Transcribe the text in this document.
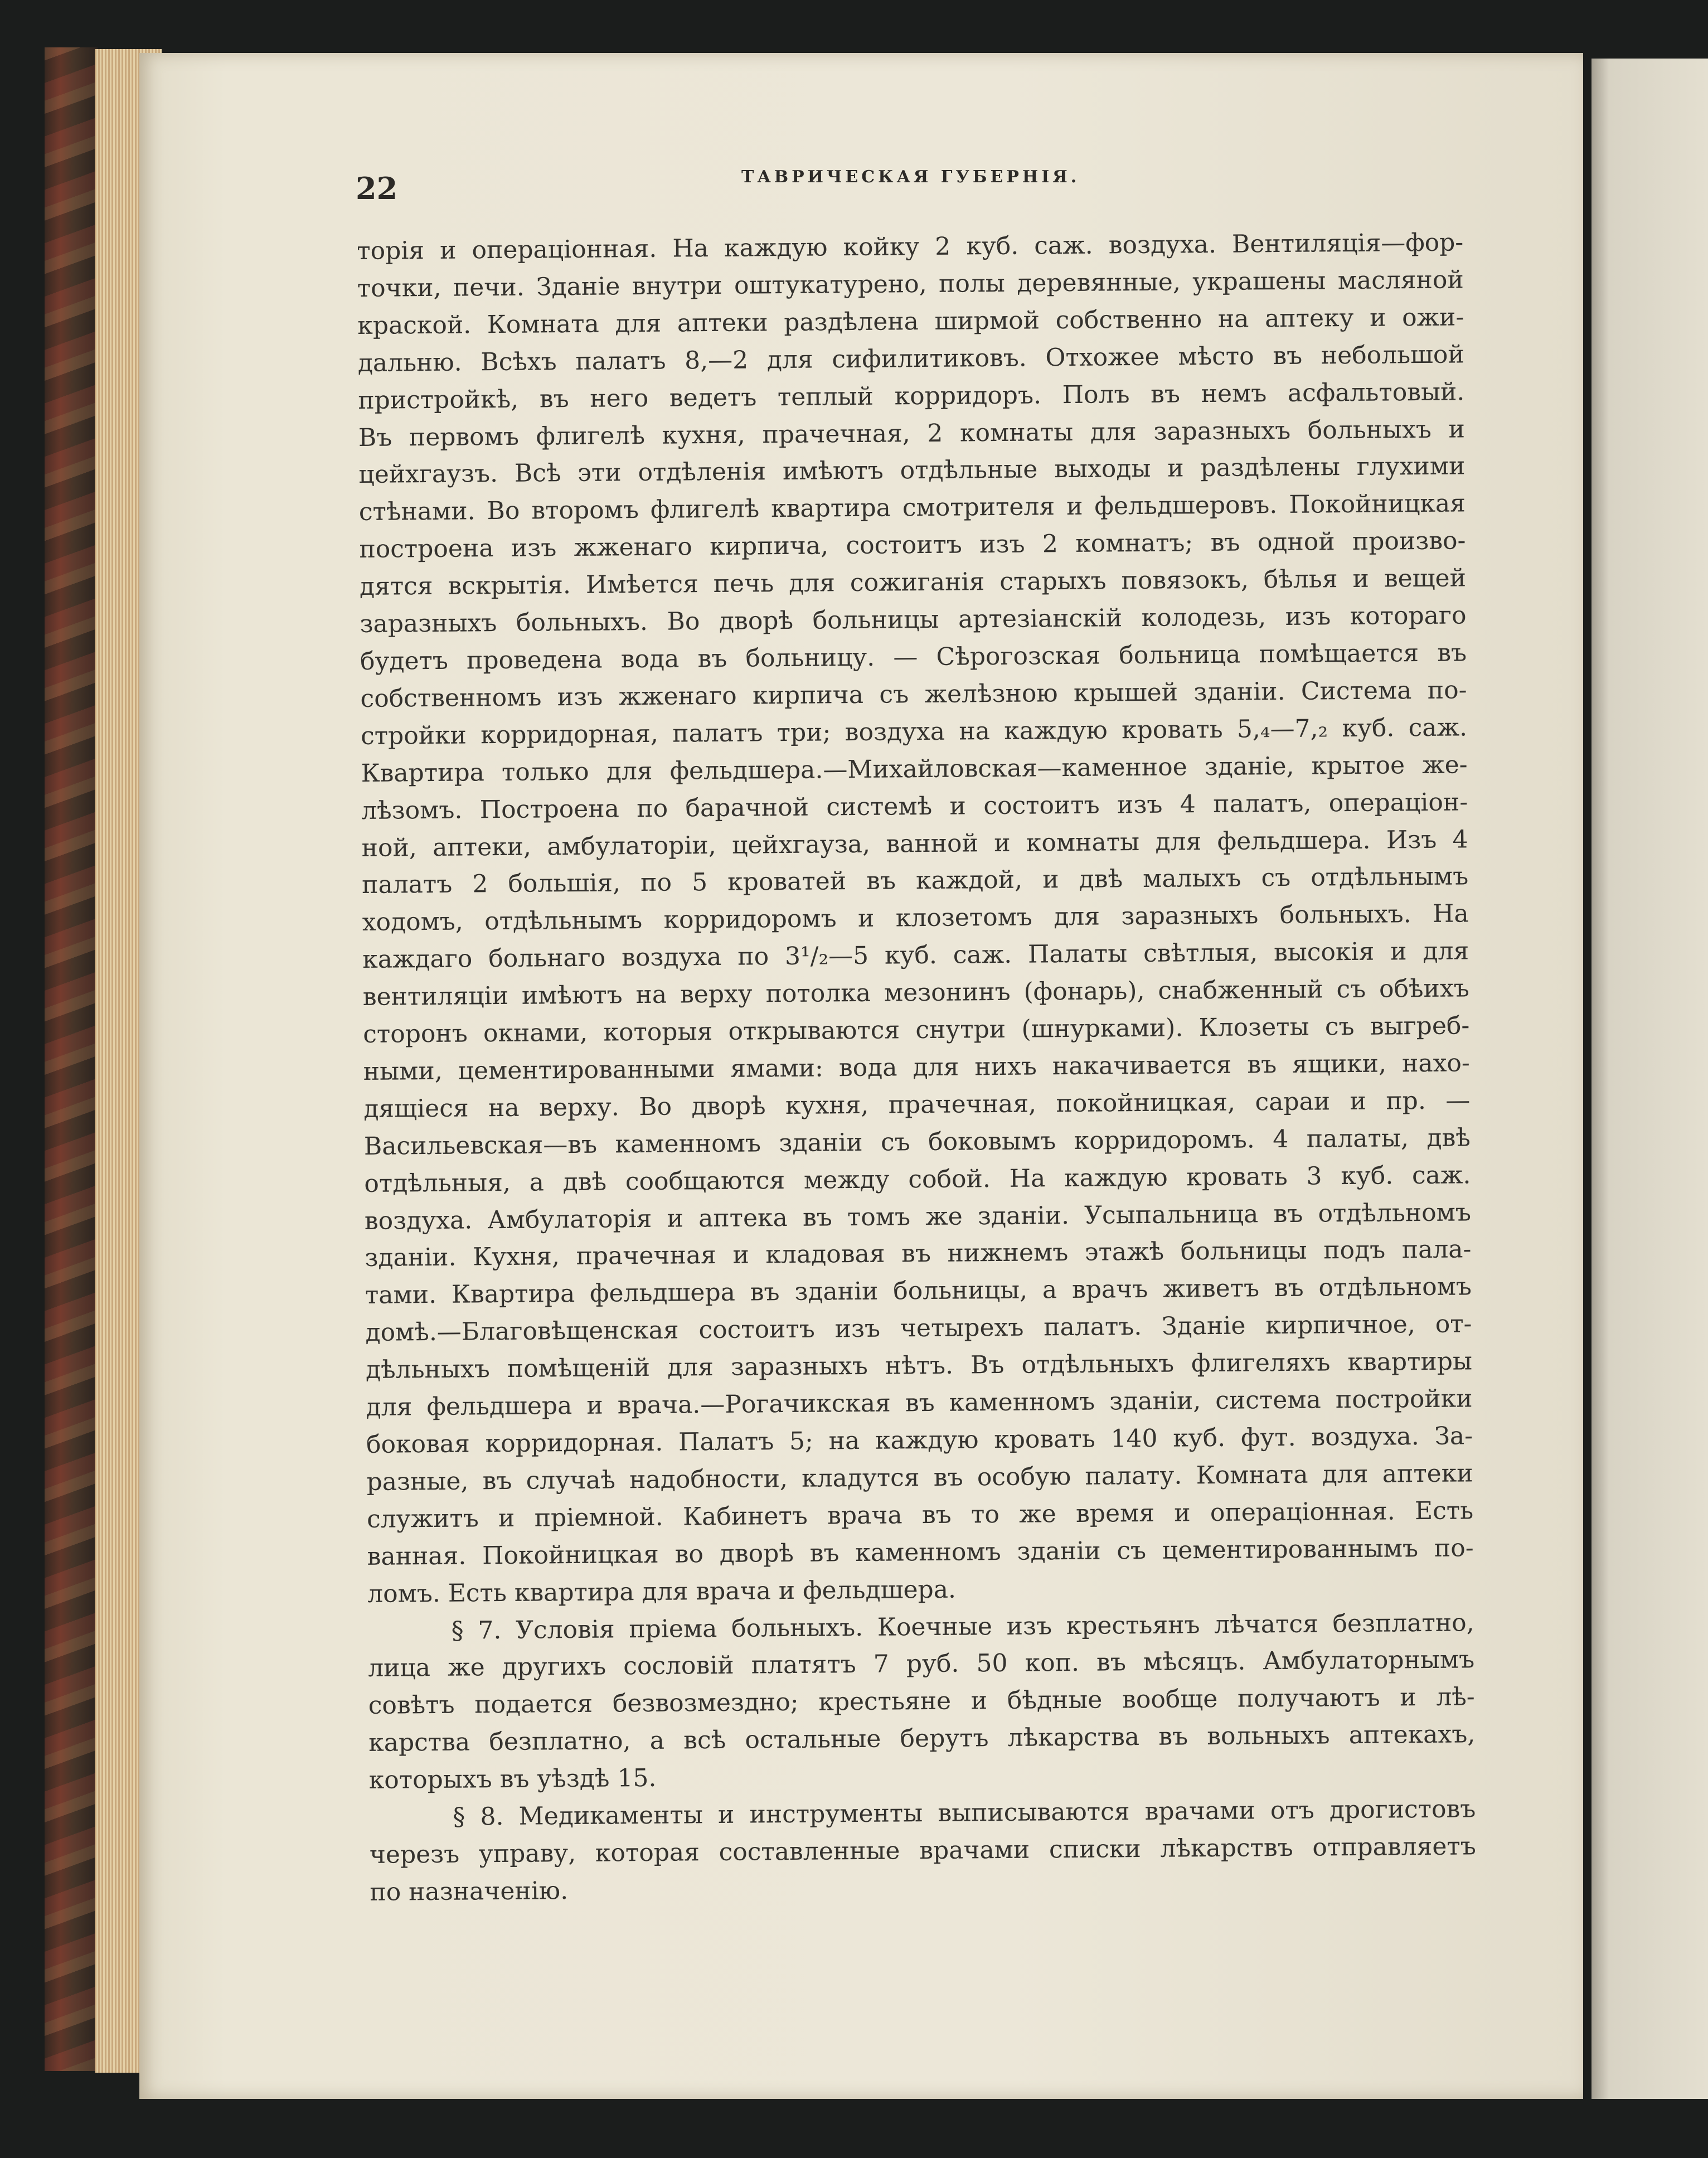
22	ТАВРИЧЕСКАЯ ГУБЕРНІЯ.
торія и операціонная. На каждую койку 2 куб. саж. воздуха. Вентиляція—фор-
точки, печи. Зданіе внутри оштукатурено, полы деревянные, украшены масляной
краской. Комната для аптеки раздѣлена ширмой собственно на аптеку и ожи-
дальню. Всѣхъ палатъ 8,—2 для сифилитиковъ. Отхожее мѣсто въ небольшой
пристройкѣ, въ него ведетъ теплый корридоръ. Полъ въ немъ асфальтовый.
Въ первомъ флигелѣ кухня, прачечная, 2 комнаты для заразныхъ больныхъ и
цейхгаузъ. Всѣ эти отдѣленія имѣютъ отдѣльные выходы и раздѣлены глухими
стѣнами. Во второмъ флигелѣ квартира смотрителя и фельдшеровъ. Покойницкая
построена изъ жженаго кирпича, состоитъ изъ 2 комнатъ; въ одной произво-
дятся вскрытія. Имѣется печь для сожиганія старыхъ повязокъ, бѣлья и вещей
заразныхъ больныхъ. Во дворѣ больницы артезіанскій колодезь, изъ котораго
будетъ проведена вода въ больницу. — Сѣрогозская больница помѣщается въ
собственномъ изъ жженаго кирпича съ желѣзною крышей зданіи. Система по-
стройки корридорная, палатъ три; воздуха на каждую кровать 5,₄—7,₂ куб. саж.
Квартира только для фельдшера.—Михайловская—каменное зданіе, крытое же-
лѣзомъ. Построена по барачной системѣ и состоитъ изъ 4 палатъ, операціон-
ной, аптеки, амбулаторіи, цейхгауза, ванной и комнаты для фельдшера. Изъ 4
палатъ 2 большія, по 5 кроватей въ каждой, и двѣ малыхъ съ отдѣльнымъ
ходомъ, отдѣльнымъ корридоромъ и клозетомъ для заразныхъ больныхъ. На
каждаго больнаго воздуха по 3¹/₂—5 куб. саж. Палаты свѣтлыя, высокія и для
вентиляціи имѣютъ на верху потолка мезонинъ (фонарь), снабженный съ обѣихъ
сторонъ окнами, которыя открываются снутри (шнурками). Клозеты съ выгреб-
ными, цементированными ямами: вода для нихъ накачивается въ ящики, нахо-
дящіеся на верху. Во дворѣ кухня, прачечная, покойницкая, сараи и пр. —
Васильевская—въ каменномъ зданіи съ боковымъ корридоромъ. 4 палаты, двѣ
отдѣльныя, а двѣ сообщаются между собой. На каждую кровать 3 куб. саж.
воздуха. Амбулаторія и аптека въ томъ же зданіи. Усыпальница въ отдѣльномъ
зданіи. Кухня, прачечная и кладовая въ нижнемъ этажѣ больницы подъ пала-
тами. Квартира фельдшера въ зданіи больницы, а врачъ живетъ въ отдѣльномъ
домѣ.—Благовѣщенская состоитъ изъ четырехъ палатъ. Зданіе кирпичное, от-
дѣльныхъ помѣщеній для заразныхъ нѣтъ. Въ отдѣльныхъ флигеляхъ квартиры
для фельдшера и врача.—Рогачикская въ каменномъ зданіи, система постройки
боковая корридорная. Палатъ 5; на каждую кровать 140 куб. фут. воздуха. За-
разные, въ случаѣ надобности, кладутся въ особую палату. Комната для аптеки
служитъ и пріемной. Кабинетъ врача въ то же время и операціонная. Есть
ванная. Покойницкая во дворѣ въ каменномъ зданіи съ цементированнымъ по-
ломъ. Есть квартира для врача и фельдшера.
§ 7. Условія пріема больныхъ. Коечные изъ крестьянъ лѣчатся безплатно,
лица же другихъ сословій платятъ 7 руб. 50 коп. въ мѣсяцъ. Амбулаторнымъ
совѣтъ подается безвозмездно; крестьяне и бѣдные вообще получаютъ и лѣ-
карства безплатно, а всѣ остальные берутъ лѣкарства въ вольныхъ аптекахъ,
которыхъ въ уѣздѣ 15.
§ 8. Медикаменты и инструменты выписываются врачами отъ дрогистовъ
черезъ управу, которая составленные врачами списки лѣкарствъ отправляетъ
по назначенію.
